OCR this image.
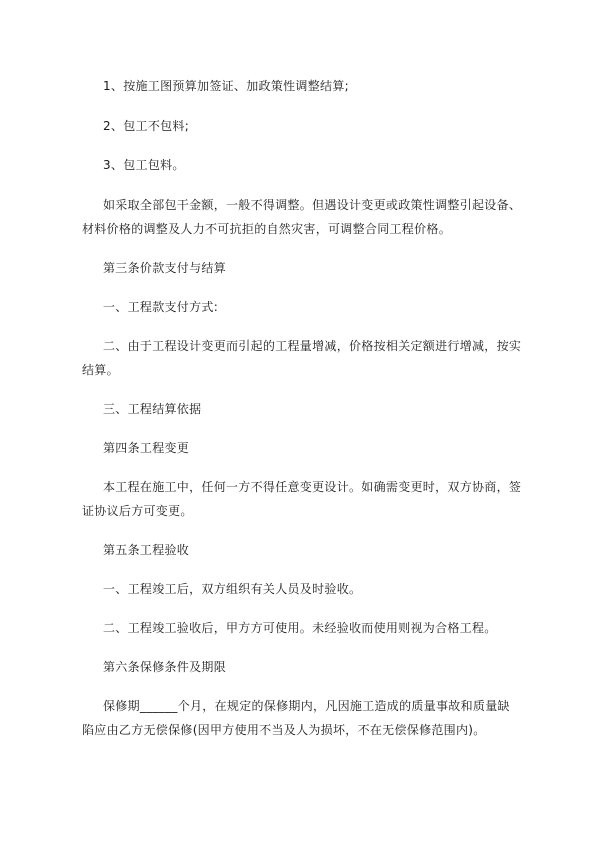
1、按施工图预算加签证、加政策性调整结算;

2、包工不包料;

3、包工包料。

如采取全部包干金额，一般不得调整。但遇设计变更或政策性调整引起设备、材料价格的调整及人力不可抗拒的自然灾害，可调整合同工程价格。

第三条价款支付与结算

一、工程款支付方式:

二、由于工程设计变更而引起的工程量增减，价格按相关定额进行增减，按实结算。

三、工程结算依据

第四条工程变更

本工程在施工中，任何一方不得任意变更设计。如确需变更时，双方协商，签证协议后方可变更。

第五条工程验收

一、工程竣工后，双方组织有关人员及时验收。

二、工程竣工验收后，甲方方可使用。未经验收而使用则视为合格工程。

第六条保修条件及期限

保修期______个月，在规定的保修期内，凡因施工造成的质量事故和质量缺陷应由乙方无偿保修(因甲方使用不当及人为损坏，不在无偿保修范围内)。
